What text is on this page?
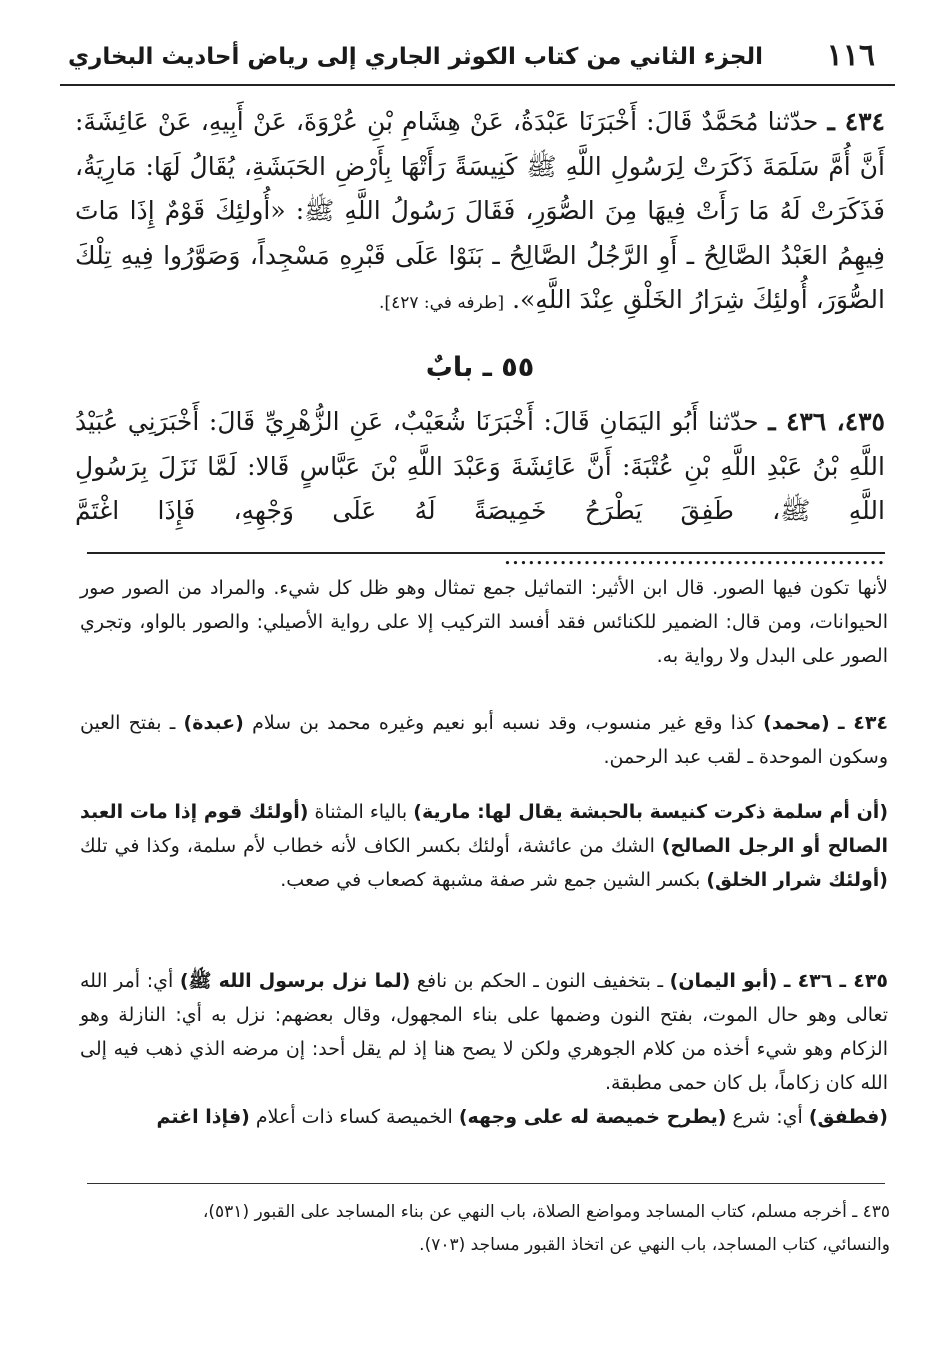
١١٦
الجزء الثاني من كتاب الكوثر الجاري إلى رياض أحاديث البخاري

٤٣٤ ـ حدّثنا مُحَمَّدٌ قَالَ: أَخْبَرَنَا عَبْدَةُ، عَنْ هِشَامِ بْنِ عُرْوَةَ، عَنْ أَبِيهِ، عَنْ عَائِشَةَ: أَنَّ أُمَّ سَلَمَةَ ذَكَرَتْ لِرَسُولِ اللَّهِ ﷺ كَنِيسَةً رَأَتْهَا بِأَرْضِ الحَبَشَةِ، يُقَالُ لَهَا: مَارِيَةُ، فَذَكَرَتْ لَهُ مَا رَأَتْ فِيهَا مِنَ الصُّوَرِ، فَقَالَ رَسُولُ اللَّهِ ﷺ: «أُولئِكَ قَوْمٌ إِذَا مَاتَ فِيهِمُ العَبْدُ الصَّالِحُ ـ أَوِ الرَّجُلُ الصَّالِحُ ـ بَنَوْا عَلَى قَبْرِهِ مَسْجِداً، وَصَوَّرُوا فِيهِ تِلْكَ الصُّوَرَ، أُولئِكَ شِرَارُ الخَلْقِ عِنْدَ اللَّهِ». [طرفه في: ٤٢٧].

٥٥ ـ بابٌ

٤٣٥، ٤٣٦ ـ حدّثنا أَبُو اليَمَانِ قَالَ: أَخْبَرَنَا شُعَيْبٌ، عَنِ الزُّهْرِيِّ قَالَ: أَخْبَرَنِي عُبَيْدُ اللَّهِ بْنُ عَبْدِ اللَّهِ بْنِ عُتْبَةَ: أَنَّ عَائِشَةَ وَعَبْدَ اللَّهِ بْنَ عَبَّاسٍ قَالا: لَمَّا نَزَلَ بِرَسُولِ اللَّهِ ﷺ، طَفِقَ يَطْرَحُ خَمِيصَةً لَهُ عَلَى وَجْهِهِ، فَإِذَا اغْتَمَّ ................................................

لأنها تكون فيها الصور. قال ابن الأثير: التماثيل جمع تمثال وهو ظل كل شيء. والمراد من الصور صور الحيوانات، ومن قال: الضمير للكنائس فقد أفسد التركيب إلا على رواية الأصيلي: والصور بالواو، وتجري الصور على البدل ولا رواية به.

٤٣٤ ـ (محمد) كذا وقع غير منسوب، وقد نسبه أبو نعيم وغيره محمد بن سلام (عبدة) ـ بفتح العين وسكون الموحدة ـ لقب عبد الرحمن.

(أن أم سلمة ذكرت كنيسة بالحبشة يقال لها: مارية) بالياء المثناة (أولئك قوم إذا مات العبد الصالح أو الرجل الصالح) الشك من عائشة، أولئك بكسر الكاف لأنه خطاب لأم سلمة، وكذا في تلك (أولئك شرار الخلق) بكسر الشين جمع شر صفة مشبهة كصعاب في صعب.

٤٣٥ ـ ٤٣٦ ـ (أبو اليمان) ـ بتخفيف النون ـ الحكم بن نافع (لما نزل برسول الله ﷺ) أي: أمر الله تعالى وهو حال الموت، بفتح النون وضمها على بناء المجهول، وقال بعضهم: نزل به أي: النازلة وهو الزكام وهو شيء أخذه من كلام الجوهري ولكن لا يصح هنا إذ لم يقل أحد: إن مرضه الذي ذهب فيه إلى الله كان زكاماً، بل كان حمى مطبقة.

(فطفق) أي: شرع (يطرح خميصة له على وجهه) الخميصة كساء ذات أعلام (فإذا اغتم

٤٣٥ ـ أخرجه مسلم، كتاب المساجد ومواضع الصلاة، باب النهي عن بناء المساجد على القبور (٥٣١)،

والنسائي، كتاب المساجد، باب النهي عن اتخاذ القبور مساجد (٧٠٣).
